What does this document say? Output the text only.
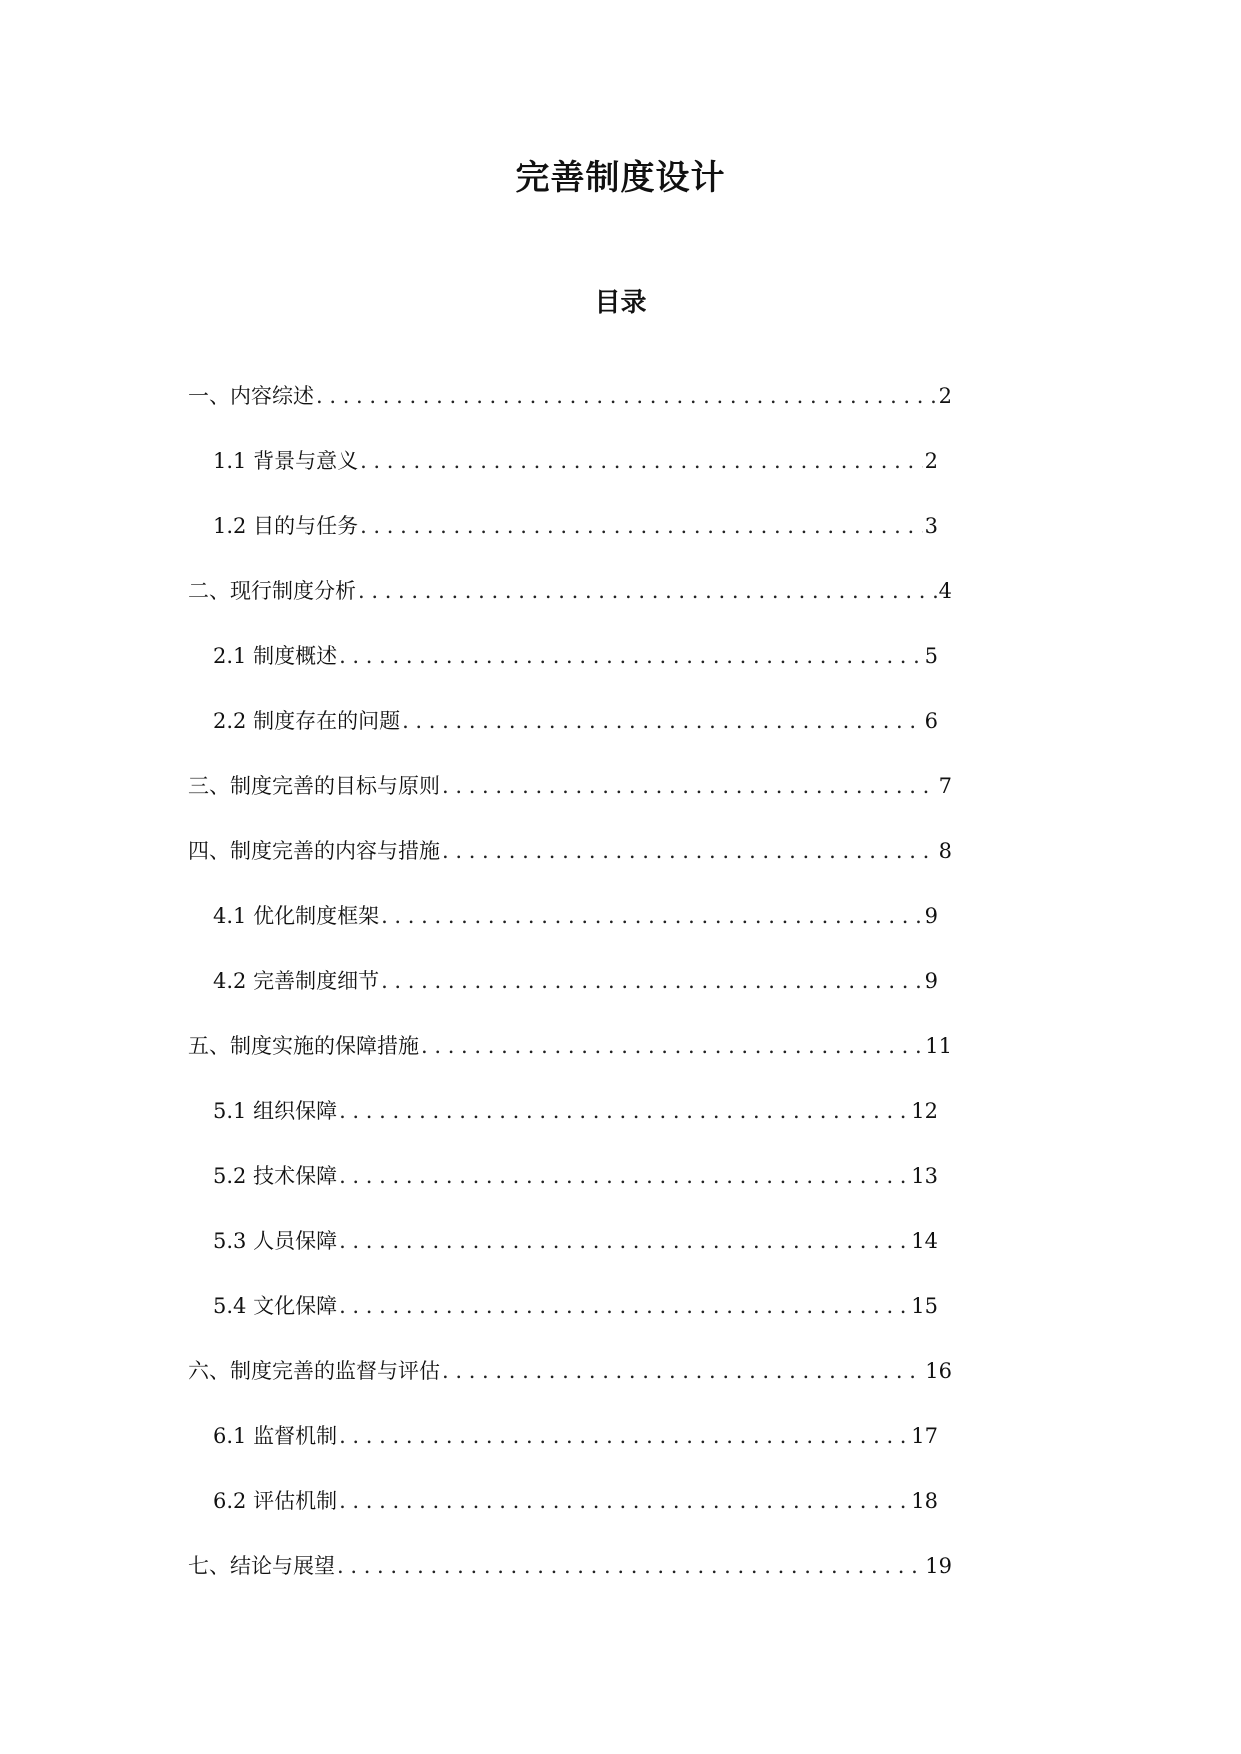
完善制度设计
目录
一、内容综述 . . .	2
1.1 背景与意义 . . .	2
1.2 目的与任务 . . .	3
二、现行制度分析 . . .	4
2.1 制度概述 . . .	5
2.2 制度存在的问题 . . .	6
三、制度完善的目标与原则 . . .	7
四、制度完善的内容与措施 . . .	8
4.1 优化制度框架 . . .	9
4.2 完善制度细节 . . .	9
五、制度实施的保障措施 . . .	11
5.1 组织保障 . . .	12
5.2 技术保障 . . .	13
5.3 人员保障 . . .	14
5.4 文化保障 . . .	15
六、制度完善的监督与评估 . . .	16
6.1 监督机制 . . .	17
6.2 评估机制 . . .	18
七、结论与展望 . . .	19
